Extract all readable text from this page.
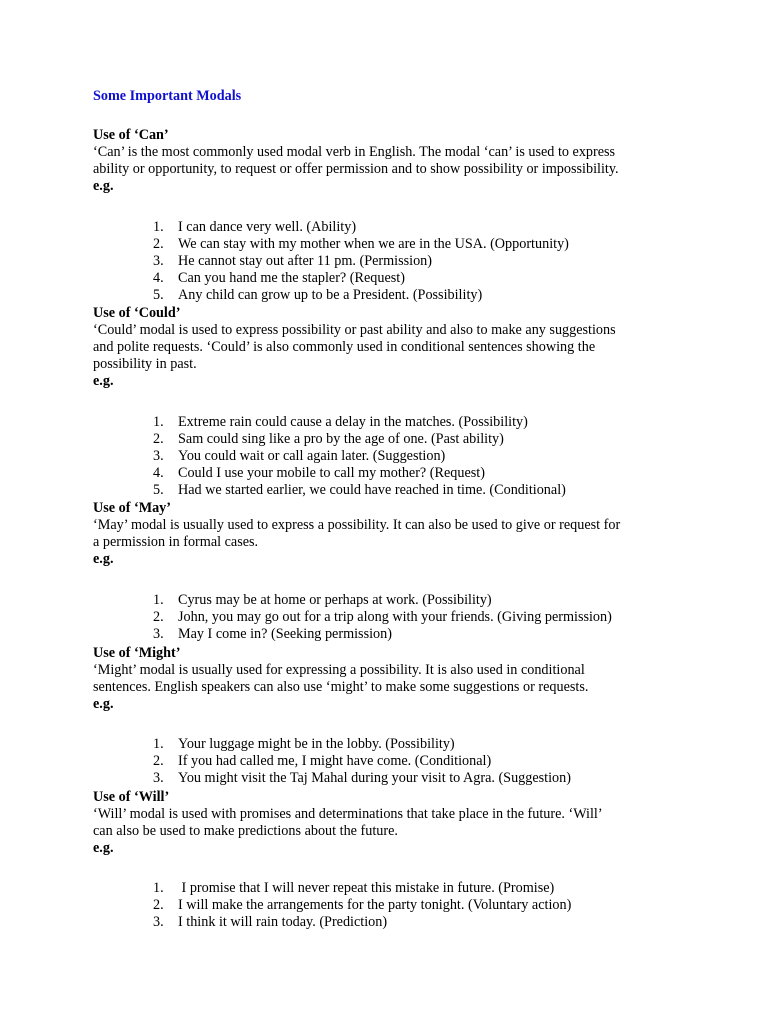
Some Important Modals
Use of ‘Can’

‘Can’ is the most commonly used modal verb in English. The modal ‘can’ is used to express

ability or opportunity, to request or offer permission and to show possibility or impossibility.

e.g.
1.	I can dance very well. (Ability)
2.	We can stay with my mother when we are in the USA. (Opportunity)
3.	He cannot stay out after 11 pm. (Permission)
4.	Can you hand me the stapler? (Request)
5.	Any child can grow up to be a President. (Possibility)
Use of ‘Could’

‘Could’ modal is used to express possibility or past ability and also to make any suggestions

and polite requests. ‘Could’ is also commonly used in conditional sentences showing the

possibility in past.

e.g.
1.	Extreme rain could cause a delay in the matches. (Possibility)
2.	Sam could sing like a pro by the age of one. (Past ability)
3.	You could wait or call again later. (Suggestion)
4.	Could I use your mobile to call my mother? (Request)
5.	Had we started earlier, we could have reached in time. (Conditional)
Use of ‘May’

‘May’ modal is usually used to express a possibility. It can also be used to give or request for

a permission in formal cases.

e.g.
1.	Cyrus may be at home or perhaps at work. (Possibility)
2.	John, you may go out for a trip along with your friends. (Giving permission)
3.	May I come in? (Seeking permission)
Use of ‘Might’

‘Might’ modal is usually used for expressing a possibility. It is also used in conditional

sentences. English speakers can also use ‘might’ to make some suggestions or requests.

e.g.
1.	Your luggage might be in the lobby. (Possibility)
2.	If you had called me, I might have come. (Conditional)
3.	You might visit the Taj Mahal during your visit to Agra. (Suggestion)
Use of ‘Will’

‘Will’ modal is used with promises and determinations that take place in the future. ‘Will’

can also be used to make predictions about the future.

e.g.
1.	I promise that I will never repeat this mistake in future. (Promise)
2.	I will make the arrangements for the party tonight. (Voluntary action)
3.	I think it will rain today. (Prediction)
